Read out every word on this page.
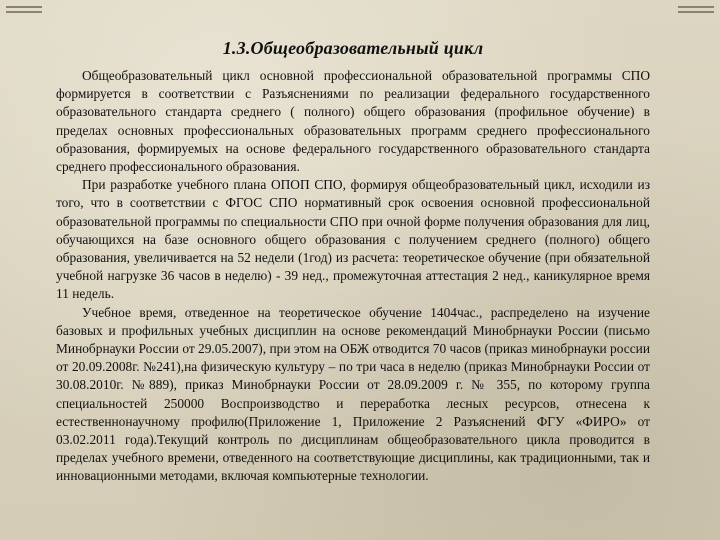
1.3.Общеобразовательный цикл

Общеобразовательный цикл основной профессиональной образовательной программы СПО формируется в соответствии с Разъяснениями по реализации федерального государственного образовательного стандарта среднего ( полного) общего образования (профильное обучение) в пределах основных профессиональных образовательных программ среднего профессионального образования, формируемых на основе федерального государственного образовательного стандарта среднего профессионального образования.

При разработке учебного плана ОПОП СПО, формируя общеобразовательный цикл, исходили из того, что в соответствии с ФГОС СПО нормативный срок освоения основной профессиональной образовательной программы по специальности СПО при очной форме получения образования для лиц, обучающихся на базе основного общего образования с получением среднего (полного) общего образования, увеличивается на 52 недели (1год) из расчета: теоретическое обучение (при обязательной учебной нагрузке 36 часов в неделю) - 39 нед., промежуточная аттестация 2 нед., каникулярное время 11 недель.

Учебное время, отведенное на теоретическое обучение 1404час., распределено на изучение базовых и профильных учебных дисциплин на основе рекомендаций Минобрнауки России (письмо Минобрнауки России от 29.05.2007), при этом на ОБЖ отводится 70 часов (приказ минобрнауки россии от 20.09.2008г. №241),на физическую культуру – по три часа в неделю (приказ Минобрнауки России от 30.08.2010г. №889), приказ Минобрнауки России от 28.09.2009 г. № 355, по которому группа специальностей 250000 Воспроизводство и переработка лесных ресурсов, отнесена к естественнонаучному профилю(Приложение 1, Приложение 2 Разъяснений ФГУ «ФИРО» от 03.02.2011 года).Текущий контроль по дисциплинам общеобразовательного цикла проводится в пределах учебного времени, отведенного на соответствующие дисциплины, как традиционными, так и инновационными методами, включая компьютерные технологии.
